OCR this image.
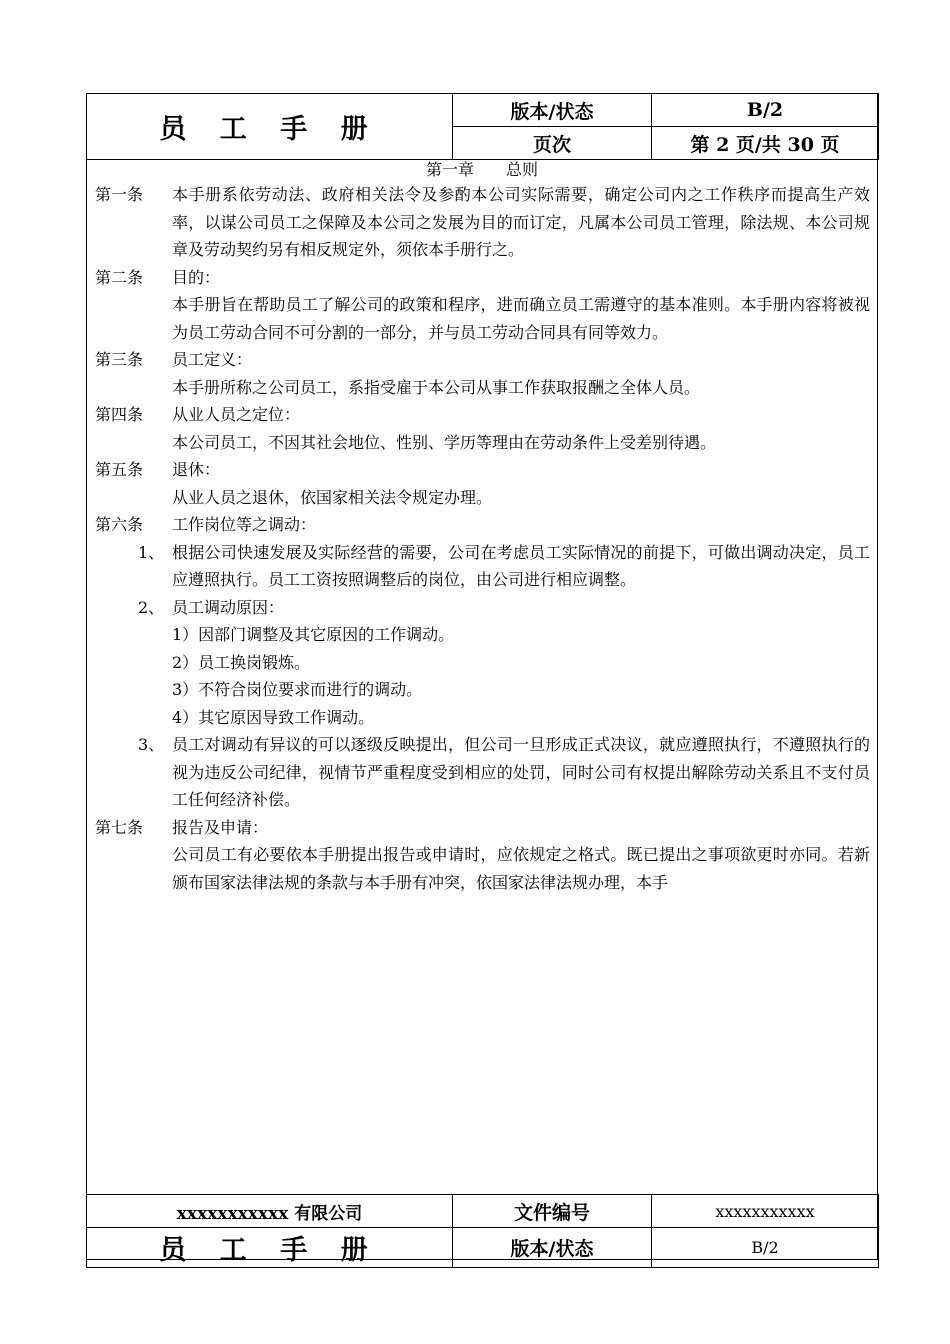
员 工 手 册	版本/状态	B/2
	页次	第 2 页/共 30 页
第一章　　总则
第一条	本手册系依劳动法、政府相关法令及参酌本公司实际需要，确定公司内之工作秩序而提高生产效率，以谋公司员工之保障及本公司之发展为目的而订定，凡属本公司员工管理，除法规、本公司规章及劳动契约另有相反规定外，须依本手册行之。
第二条	目的：
本手册旨在帮助员工了解公司的政策和程序，进而确立员工需遵守的基本准则。本手册内容将被视为员工劳动合同不可分割的一部分，并与员工劳动合同具有同等效力。
第三条	员工定义：
本手册所称之公司员工，系指受雇于本公司从事工作获取报酬之全体人员。
第四条	从业人员之定位：
本公司员工，不因其社会地位、性别、学历等理由在劳动条件上受差别待遇。
第五条	退休：
从业人员之退休，依国家相关法令规定办理。
第六条	工作岗位等之调动：
1、 根据公司快速发展及实际经营的需要，公司在考虑员工实际情况的前提下，可做出调动决定，员工应遵照执行。员工工资按照调整后的岗位，由公司进行相应调整。
2、 员工调动原因：
1）因部门调整及其它原因的工作调动。
2）员工换岗锻炼。
3）不符合岗位要求而进行的调动。
4）其它原因导致工作调动。
3、 员工对调动有异议的可以逐级反映提出，但公司一旦形成正式决议，就应遵照执行，不遵照执行的视为违反公司纪律，视情节严重程度受到相应的处罚，同时公司有权提出解除劳动关系且不支付员工任何经济补偿。
第七条	报告及申请：
公司员工有必要依本手册提出报告或申请时，应依规定之格式。既已提出之事项欲更时亦同。若新颁布国家法律法规的条款与本手册有冲突，依国家法律法规办理，本手
xxxxxxxxxxx 有限公司	文件编号	xxxxxxxxxxx
员 工 手 册	版本/状态	B/2
